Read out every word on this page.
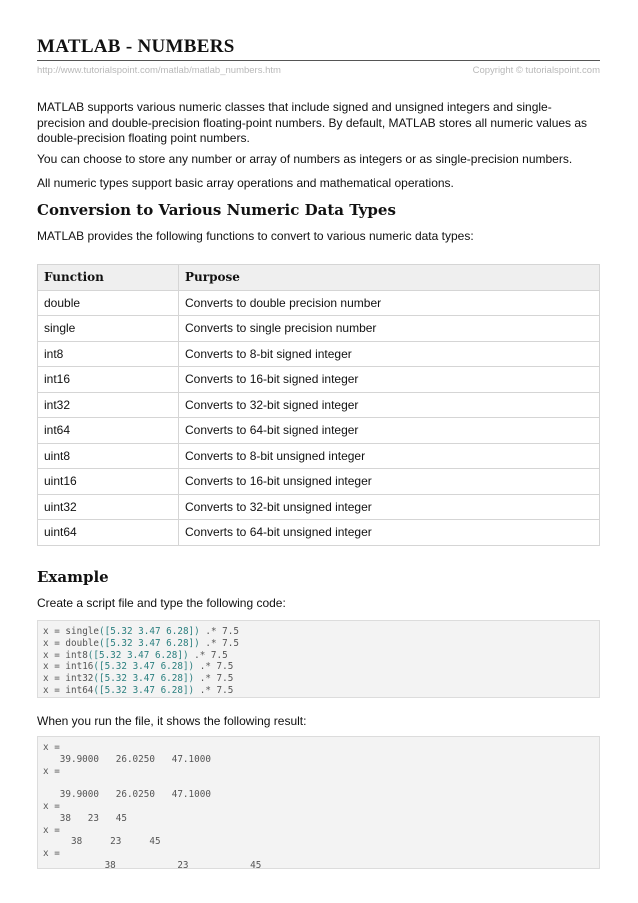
MATLAB - NUMBERS
http://www.tutorialspoint.com/matlab/matlab_numbers.htm	Copyright © tutorialspoint.com
MATLAB supports various numeric classes that include signed and unsigned integers and single-precision and double-precision floating-point numbers. By default, MATLAB stores all numeric values as double-precision floating point numbers.
You can choose to store any number or array of numbers as integers or as single-precision numbers.
All numeric types support basic array operations and mathematical operations.
Conversion to Various Numeric Data Types
MATLAB provides the following functions to convert to various numeric data types:
Function	Purpose
double	Converts to double precision number
single	Converts to single precision number
int8	Converts to 8-bit signed integer
int16	Converts to 16-bit signed integer
int32	Converts to 32-bit signed integer
int64	Converts to 64-bit signed integer
uint8	Converts to 8-bit unsigned integer
uint16	Converts to 16-bit unsigned integer
uint32	Converts to 32-bit unsigned integer
uint64	Converts to 64-bit unsigned integer
Example
Create a script file and type the following code:
x = single([5.32 3.47 6.28]) .* 7.5
x = double([5.32 3.47 6.28]) .* 7.5
x = int8([5.32 3.47 6.28]) .* 7.5
x = int16([5.32 3.47 6.28]) .* 7.5
x = int32([5.32 3.47 6.28]) .* 7.5
x = int64([5.32 3.47 6.28]) .* 7.5
When you run the file, it shows the following result:
x =
39.9000   26.0250   47.1000
x =

39.9000   26.0250   47.1000
x =
38   23   45
x =
38     23     45
x =
38           23           45
